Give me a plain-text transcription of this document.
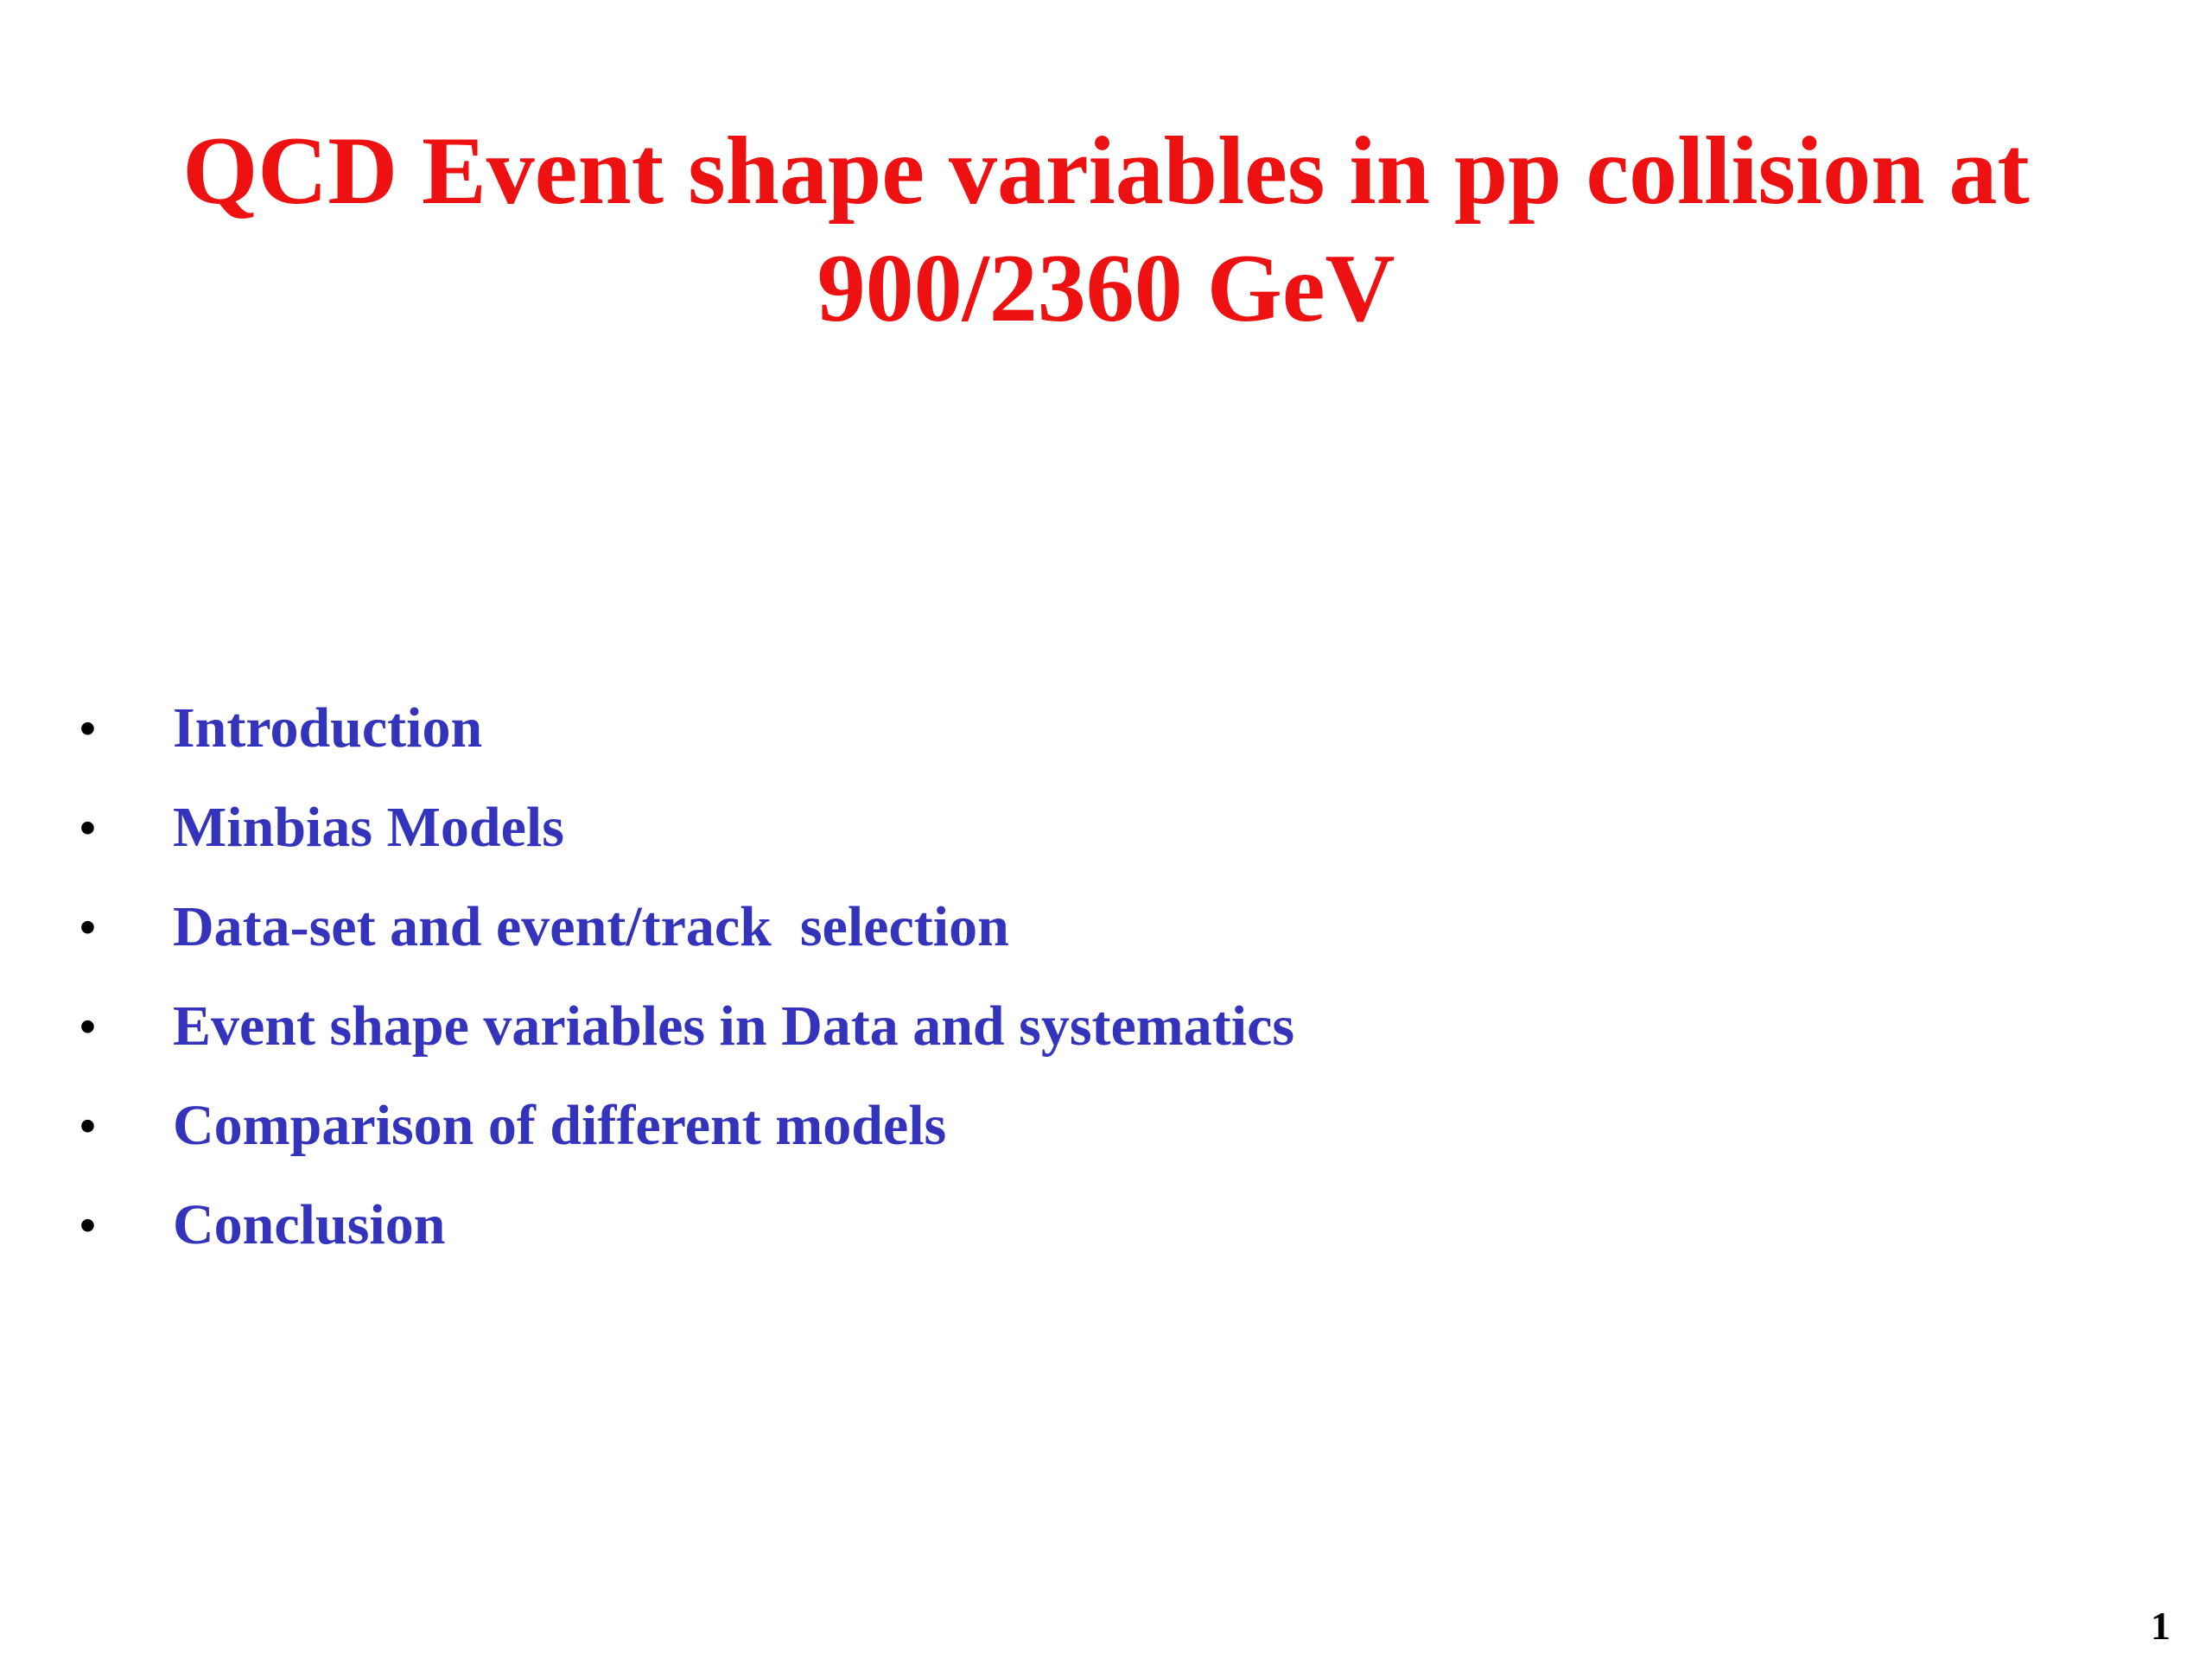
QCD Event shape variables in pp collision at
900/2360 GeV
•	Introduction
•	Minbias Models
•	Data-set and event/track  selection
•	Event shape variables in Data and systematics
•	Comparison of different models
•	Conclusion
1
